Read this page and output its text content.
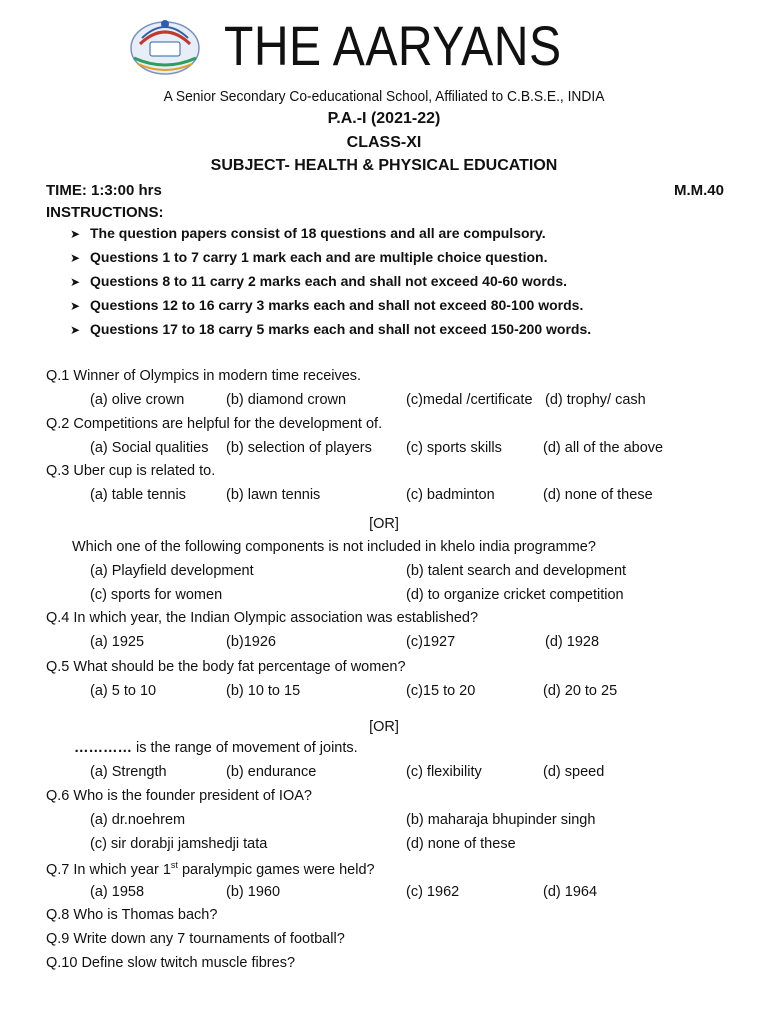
THE AARYANS
A Senior Secondary Co-educational School, Affiliated to C.B.S.E., INDIA
P.A.-I (2021-22)
CLASS-XI
SUBJECT- HEALTH & PHYSICAL EDUCATION
TIME: 1:3:00 hrs	M.M.40
INSTRUCTIONS:
➤ The question papers consist of 18 questions and all are compulsory.
➤ Questions 1 to 7 carry 1 mark each and are multiple choice question.
➤ Questions 8 to 11 carry 2 marks each and shall not exceed 40-60 words.
➤ Questions 12 to 16 carry 3 marks each and shall not exceed 80-100 words.
➤ Questions 17 to 18 carry 5 marks each and shall not exceed 150-200 words.
Q.1 Winner of Olympics in modern time receives.
(a) olive crown	(b) diamond crown	(c)medal /certificate (d) trophy/ cash
Q.2 Competitions are helpful for the development of.
(a) Social qualities (b) selection of players (c) sports skills	(d) all of the above
Q.3 Uber cup is related to.
(a) table tennis	(b) lawn tennis	(c) badminton	(d) none of these
[OR]
Which one of the following components is not included in khelo india programme?
(a) Playfield development	(b) talent search and development
(c) sports for women	(d) to organize cricket competition
Q.4 In which year, the Indian Olympic association was established?
(a) 1925	(b)1926	(c)1927	(d) 1928
Q.5 What should be the body fat percentage of women?
(a) 5 to 10	(b) 10 to 15	(c)15 to 20	(d) 20 to 25
[OR]
………… is the range of movement of joints.
(a) Strength	(b) endurance	(c) flexibility	(d) speed
Q.6 Who is the founder president of IOA?
(a) dr.noehrem	(b) maharaja bhupinder singh
(c) sir dorabji jamshedji tata	(d) none of these
Q.7 In which year 1st paralympic games were held?
(a) 1958	(b) 1960	(c) 1962	(d) 1964
Q.8 Who is Thomas bach?
Q.9 Write down any 7 tournaments of football?
Q.10 Define slow twitch muscle fibres?
